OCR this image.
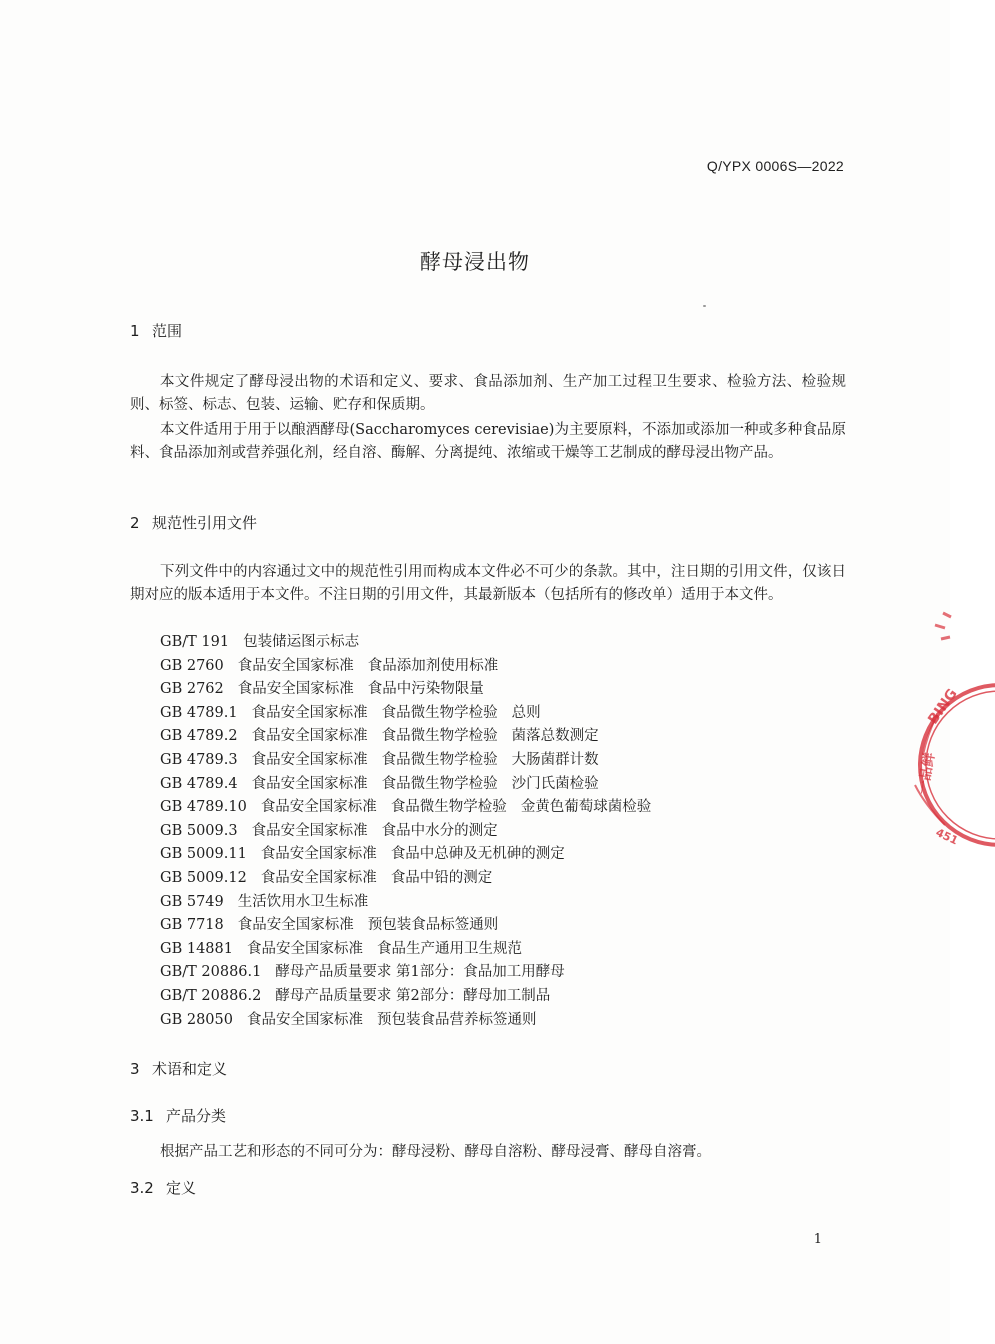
Q/YPX 0006S—2022
酵母浸出物
1 范围

本文件规定了酵母浸出物的术语和定义、要求、食品添加剂、生产加工过程卫生要求、检验方法、检验规则、标签、标志、包装、运输、贮存和保质期。

本文件适用于用于以酿酒酵母(Saccharomyces cerevisiae)为主要原料，不添加或添加一种或多种食品原料、食品添加剂或营养强化剂，经自溶、酶解、分离提纯、浓缩或干燥等工艺制成的酵母浸出物产品。

2 规范性引用文件

下列文件中的内容通过文中的规范性引用而构成本文件必不可少的条款。其中，注日期的引用文件，仅该日期对应的版本适用于本文件。不注日期的引用文件，其最新版本（包括所有的修改单）适用于本文件。

GB/T 191 包装储运图示标志
GB 2760 食品安全国家标准 食品添加剂使用标准
GB 2762 食品安全国家标准 食品中污染物限量
GB 4789.1 食品安全国家标准 食品微生物学检验 总则
GB 4789.2 食品安全国家标准 食品微生物学检验 菌落总数测定
GB 4789.3 食品安全国家标准 食品微生物学检验 大肠菌群计数
GB 4789.4 食品安全国家标准 食品微生物学检验 沙门氏菌检验
GB 4789.10 食品安全国家标准 食品微生物学检验 金黄色葡萄球菌检验
GB 5009.3 食品安全国家标准 食品中水分的测定
GB 5009.11 食品安全国家标准 食品中总砷及无机砷的测定
GB 5009.12 食品安全国家标准 食品中铅的测定
GB 5749 生活饮用水卫生标准
GB 7718 食品安全国家标准 预包装食品标签通则
GB 14881 食品安全国家标准 食品生产通用卫生规范
GB/T 20886.1 酵母产品质量要求 第1部分：食品加工用酵母
GB/T 20886.2 酵母产品质量要求 第2部分：酵母加工制品
GB 28050 食品安全国家标准 预包装食品营养标签通则
3 术语和定义
3.1 产品分类

根据产品工艺和形态的不同可分为：酵母浸粉、酵母自溶粉、酵母浸膏、酵母自溶膏。

3.2 定义
1
BING
一品鲜
451
